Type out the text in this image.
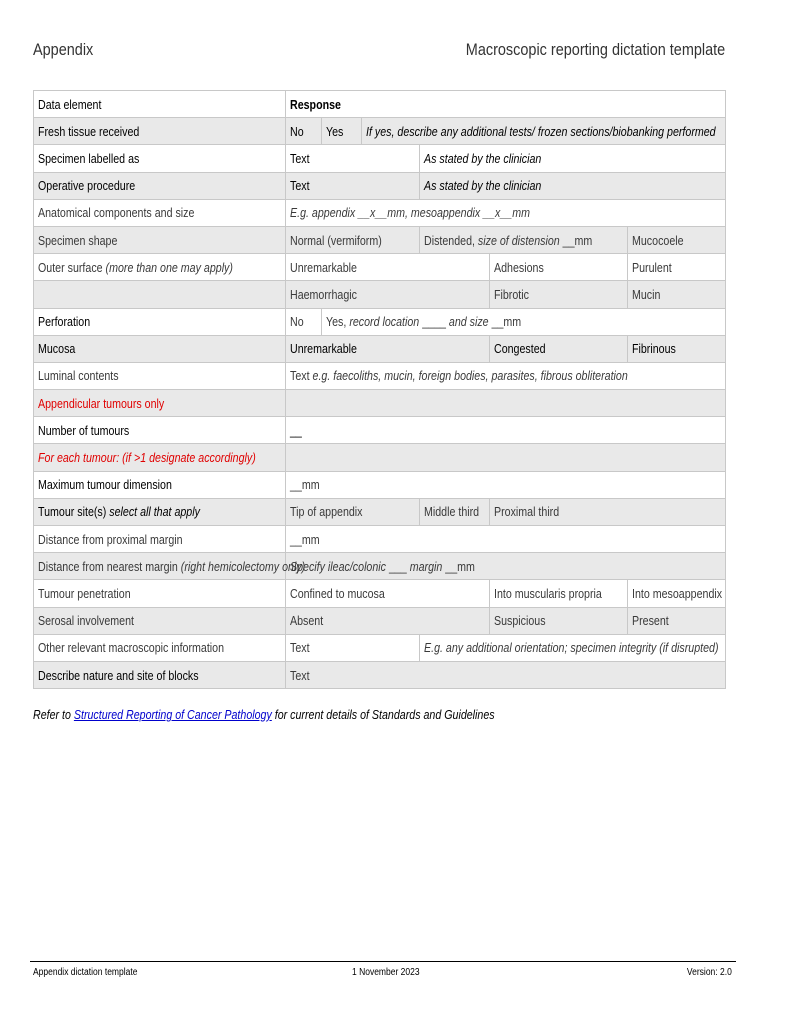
Appendix	Macroscopic reporting dictation template
Data element	Response					
Fresh tissue received	No	Yes	If yes, describe any additional tests/ frozen sections/biobanking performed			
Specimen labelled as	Text			As stated by the clinician		
Operative procedure	Text			As stated by the clinician		
Anatomical components and size	E.g. appendix __x__mm, mesoappendix __x__mm					
Specimen shape	Normal (vermiform)			Distended, size of distension __mm		Mucocoele
Outer surface (more than one may apply)	Unremarkable				Adhesions	Purulent
	Haemorrhagic				Fibrotic	Mucin
Perforation	No	Yes, record location ____ and size __mm				
Mucosa	Unremarkable				Congested	Fibrinous
Luminal contents	Text e.g. faecoliths, mucin, foreign bodies, parasites, fibrous obliteration					
Appendicular tumours only						
Number of tumours	__					
For each tumour: (if >1 designate accordingly)						
Maximum tumour dimension	__mm					
Tumour site(s) select all that apply	Tip of appendix			Middle third	Proximal third	
Distance from proximal margin	__mm					
Distance from nearest margin (right hemicolectomy only)	Specify ileac/colonic ___ margin __mm					
Tumour penetration	Confined to mucosa				Into muscularis propria	Into mesoappendix
Serosal involvement	Absent				Suspicious	Present
Other relevant macroscopic information	Text			E.g. any additional orientation; specimen integrity (if disrupted)		
Describe nature and site of blocks	Text					
Refer to Structured Reporting of Cancer Pathology for current details of Standards and Guidelines
Appendix dictation template	1 November 2023	Version: 2.0
